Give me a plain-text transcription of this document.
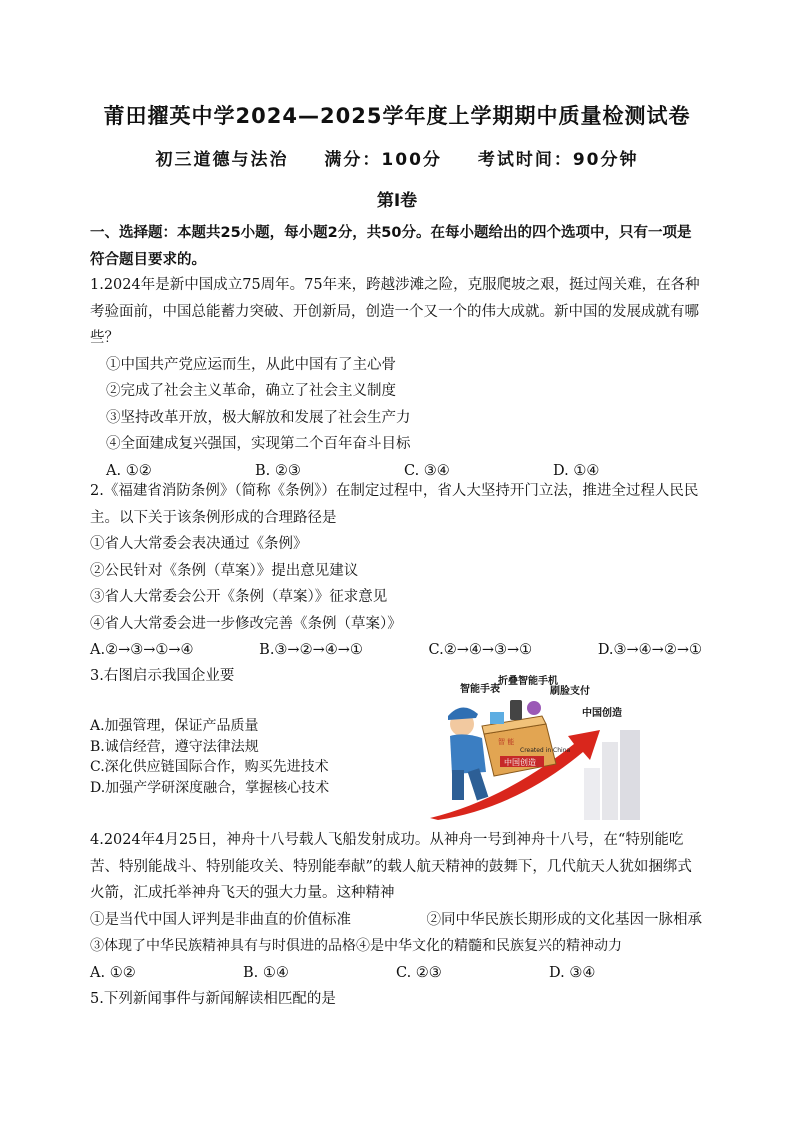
莆田擢英中学2024—2025学年度上学期期中质量检测试卷
初三道德与法治 满分：100分 考试时间：90分钟
第Ⅰ卷
一、选择题：本题共25小题，每小题2分，共50分。在每小题给出的四个选项中，只有一项是符合题目要求的。
1.2024年是新中国成立75周年。75年来，跨越涉滩之险，克服爬坡之艰，挺过闯关难，在各种考验面前，中国总能蓄力突破、开创新局，创造一个又一个的伟大成就。新中国的发展成就有哪些？
①中国共产党应运而生，从此中国有了主心骨
②完成了社会主义革命，确立了社会主义制度
③坚持改革开放，极大解放和发展了社会生产力
④全面建成复兴强国，实现第二个百年奋斗目标
A. ①②	B. ②③	C. ③④	D. ①④
2.《福建省消防条例》（简称《条例》）在制定过程中，省人大坚持开门立法，推进全过程人民民主。以下关于该条例形成的合理路径是
①省人大常委会表决通过《条例》
②公民针对《条例（草案）》提出意见建议
③省人大常委会公开《条例（草案）》征求意见
④省人大常委会进一步修改完善《条例（草案）》
A.②→③→①→④	B.③→②→④→①	C.②→④→③→①	D.③→④→②→①
3.右图启示我国企业要
A.加强管理，保证产品质量
B.诚信经营，遵守法律法规
C.深化供应链国际合作，购买先进技术
D.加强产学研深度融合，掌握核心技术
智 能
Created in China
中国创造
智能手表
折叠智能手机
刷脸支付
中国创造
4.2024年4月25日，神舟十八号载人飞船发射成功。从神舟一号到神舟十八号，在“特别能吃苦、特别能战斗、特别能攻关、特别能奉献”的载人航天精神的鼓舞下，几代航天人犹如捆绑式火箭，汇成托举神舟飞天的强大力量。这种精神
①是当代中国人评判是非曲直的价值标准	②同中华民族长期形成的文化基因一脉相承
③体现了中华民族精神具有与时俱进的品格④是中华文化的精髓和民族复兴的精神动力
A. ①②	B. ①④	C. ②③	D. ③④
5.下列新闻事件与新闻解读相匹配的是
